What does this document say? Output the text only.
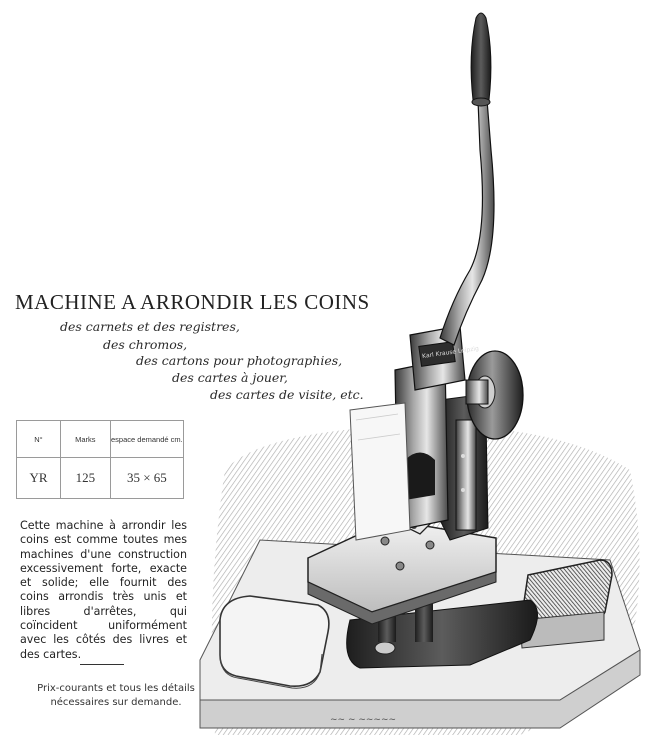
Karl Krause Leipzig
~~ ~ ~~~~~
MACHINE A ARRONDIR LES COINS

des carnets et des registres,

des chromos,

des cartons pour photographies,

des cartes à jouer,

des cartes de visite, etc.

N°	Marks	espace demandé cm.
YR	125	35 × 65

Cette machine à arrondir les coins est comme toutes mes machines d'une construction excessivement forte, exacte et solide; elle fournit des coins arrondis très unis et libres d'arrêtes, qui coïncident uniformément avec les côtés des livres et des cartes.

Prix-courants et tous les détails nécessaires sur demande.
